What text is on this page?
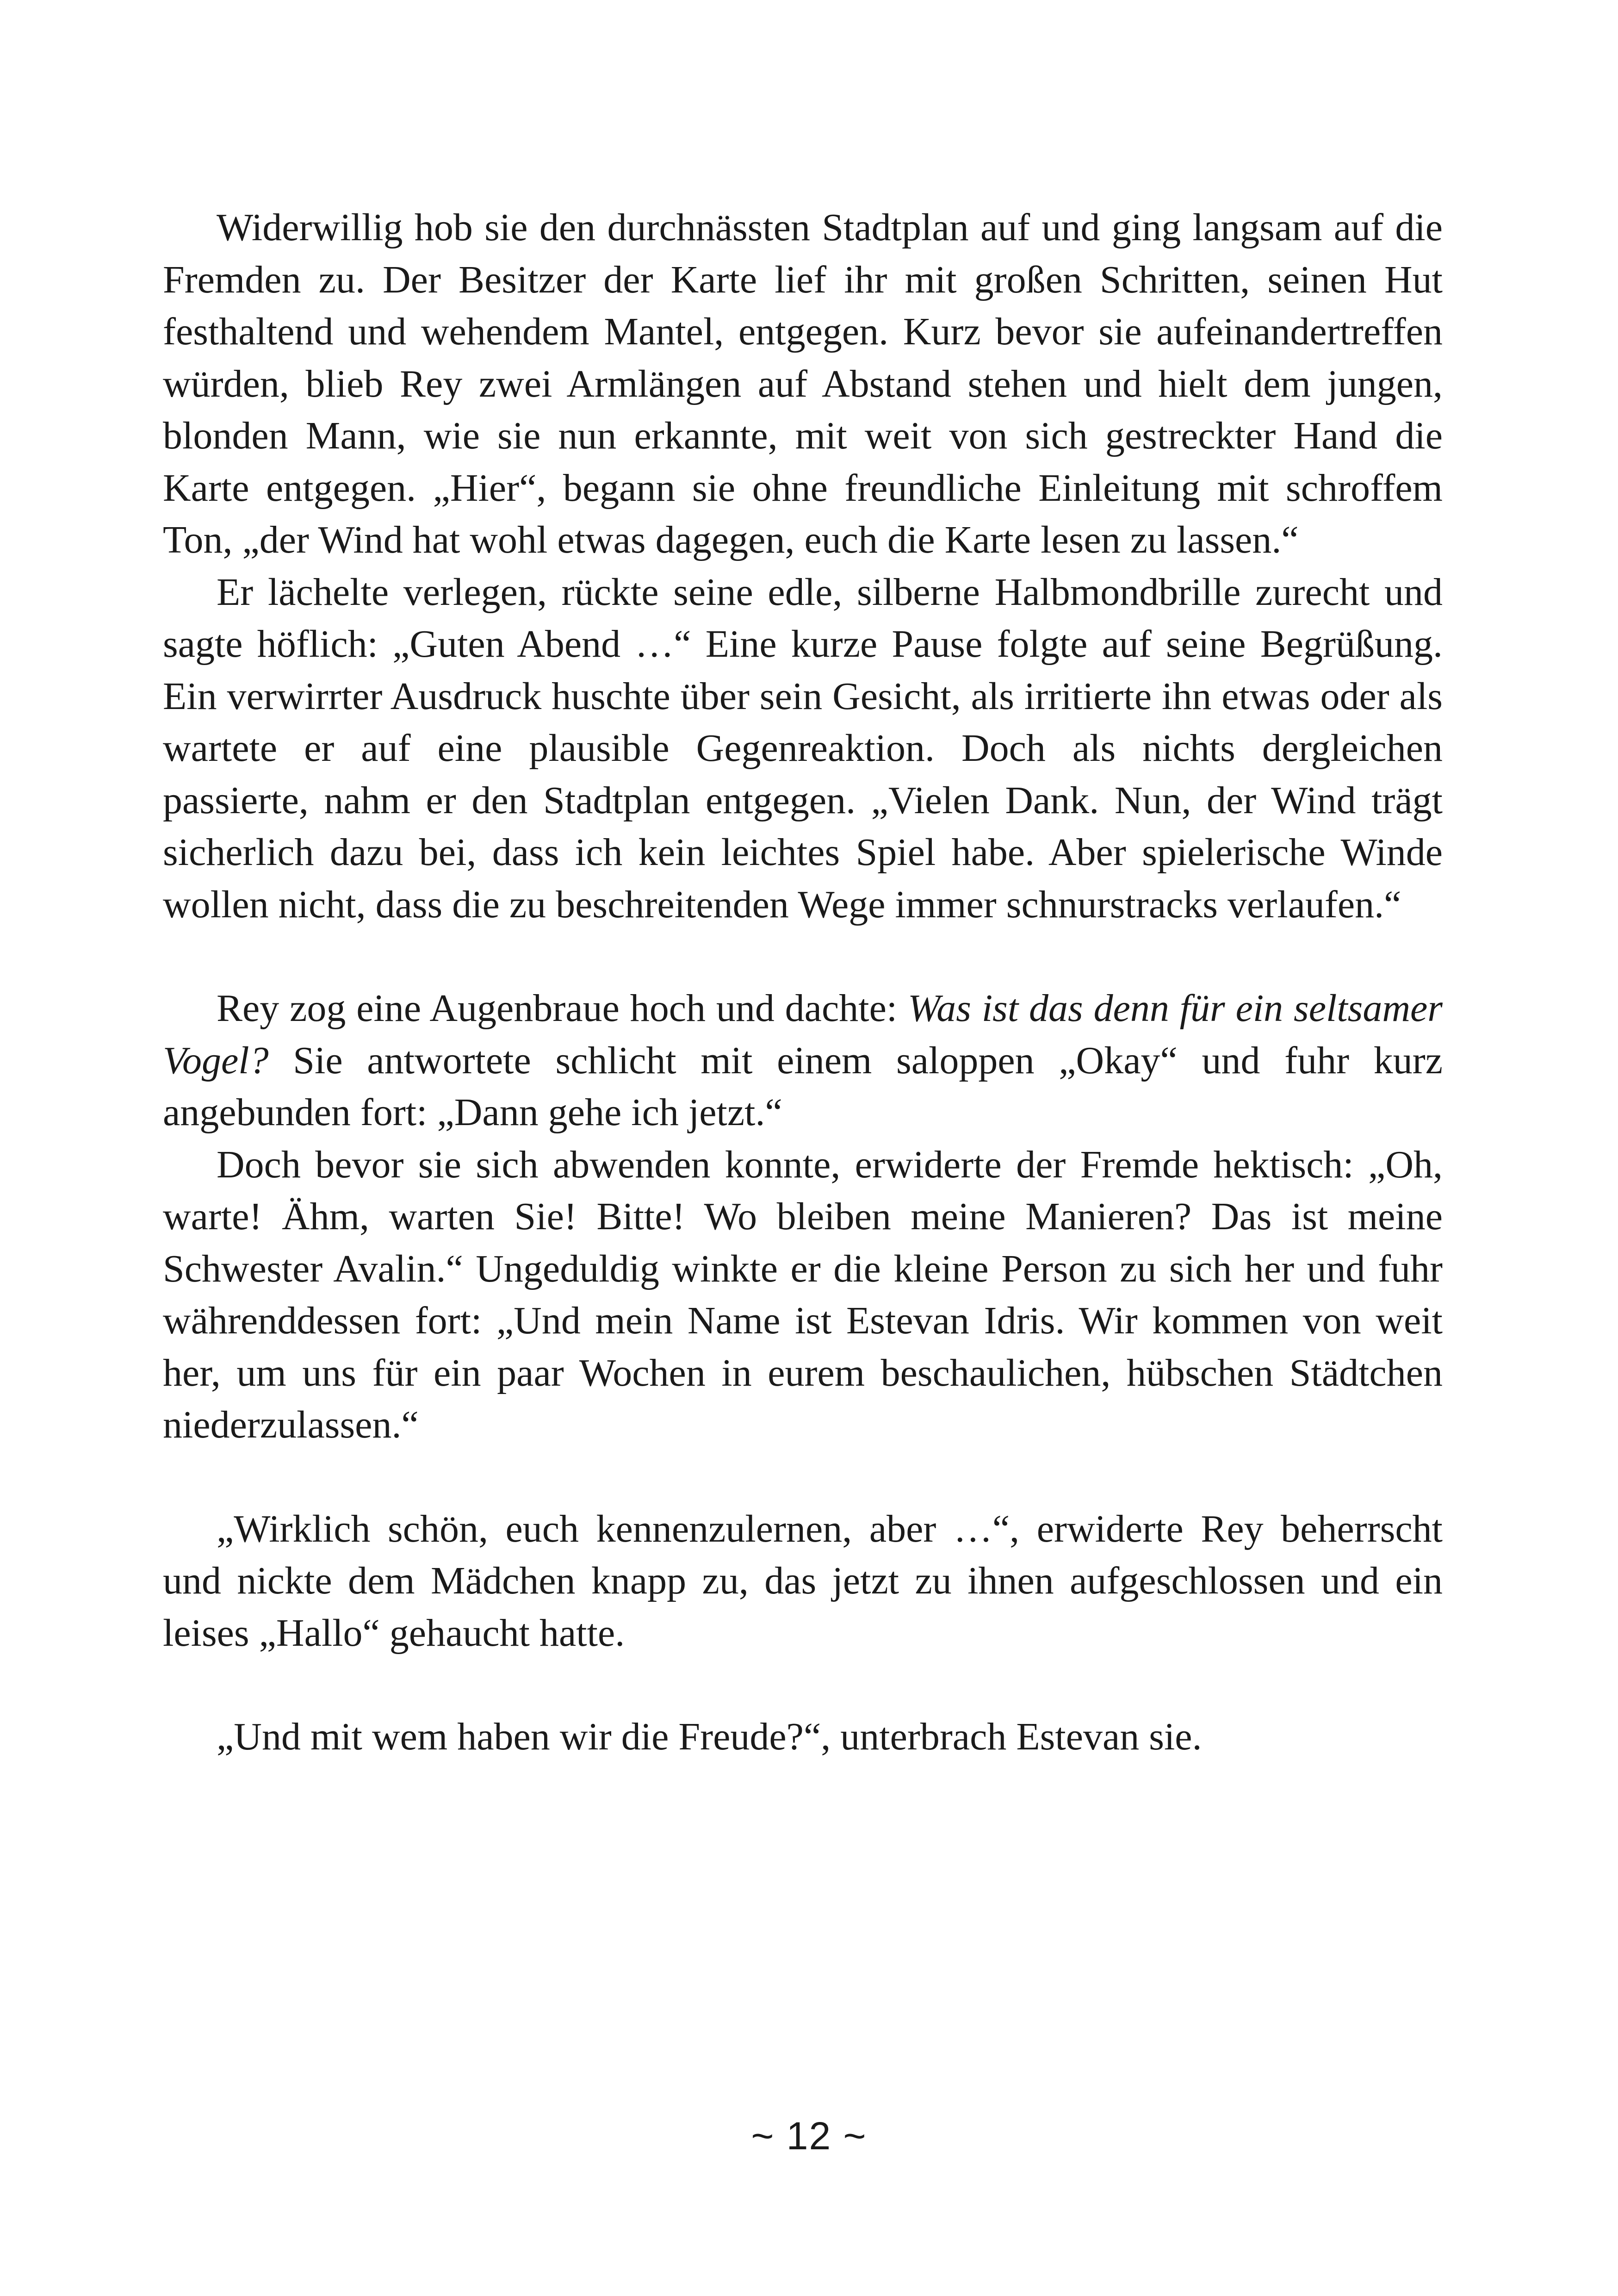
Widerwillig hob sie den durchnässten Stadtplan auf und ging langsam auf die Fremden zu. Der Besitzer der Karte lief ihr mit großen Schritten, seinen Hut festhaltend und wehendem Mantel, entgegen. Kurz bevor sie aufeinandertreffen würden, blieb Rey zwei Armlängen auf Abstand stehen und hielt dem jungen, blonden Mann, wie sie nun erkannte, mit weit von sich gestreckter Hand die Karte entgegen. „Hier“, begann sie ohne freundliche Einleitung mit schroffem Ton, „der Wind hat wohl etwas dagegen, euch die Karte lesen zu lassen.“

Er lächelte verlegen, rückte seine edle, silberne Halbmondbrille zurecht und sagte höflich: „Guten Abend …“ Eine kurze Pause folgte auf seine Begrüßung. Ein verwirrter Ausdruck huschte über sein Gesicht, als irritierte ihn etwas oder als wartete er auf eine plausible Gegenreaktion. Doch als nichts dergleichen passierte, nahm er den Stadtplan entgegen. „Vielen Dank. Nun, der Wind trägt sicherlich dazu bei, dass ich kein leichtes Spiel habe. Aber spielerische Winde wollen nicht, dass die zu beschreitenden Wege immer schnurstracks verlaufen.“

Rey zog eine Augenbraue hoch und dachte: Was ist das denn für ein seltsamer Vogel? Sie antwortete schlicht mit einem saloppen „Okay“ und fuhr kurz angebunden fort: „Dann gehe ich jetzt.“

Doch bevor sie sich abwenden konnte, erwiderte der Fremde hektisch: „Oh, warte! Ähm, warten Sie! Bitte! Wo bleiben meine Manieren? Das ist meine Schwester Avalin.“ Ungeduldig winkte er die kleine Person zu sich her und fuhr währenddessen fort: „Und mein Name ist Estevan Idris. Wir kommen von weit her, um uns für ein paar Wochen in eurem beschaulichen, hübschen Städtchen niederzulassen.“

„Wirklich schön, euch kennenzulernen, aber …“, erwiderte Rey beherrscht und nickte dem Mädchen knapp zu, das jetzt zu ihnen aufgeschlossen und ein leises „Hallo“ gehaucht hatte.

„Und mit wem haben wir die Freude?“, unterbrach Estevan sie.

~ 12 ~
